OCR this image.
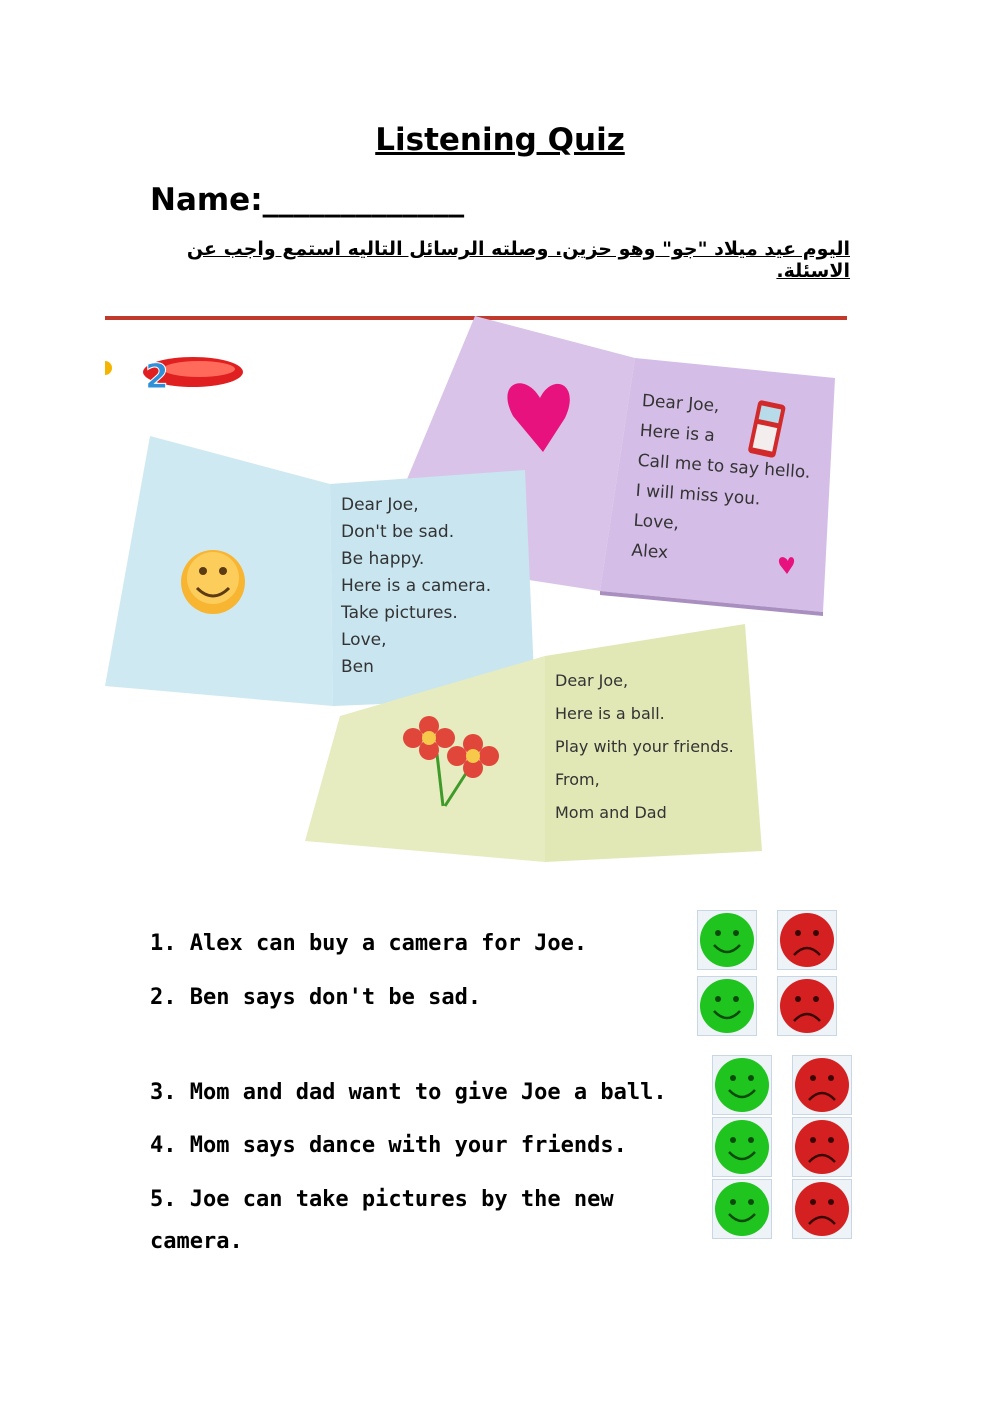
Listening Quiz
Name:_____________
اليوم عيد ميلاد "جو" وهو حزين. وصلته الرسائل التاليه استمع واجب عن الاسئلة.
2
Dear Joe,
Here is a
Call me to say hello.
I will miss you.
Love,
Alex
Dear Joe,
Don't be sad.
Be happy.
Here is a camera.
Take pictures.
Love,
Ben
Dear Joe,
Here is a ball.
Play with your friends.
From,
Mom and Dad
1. Alex can buy a camera for Joe.
2. Ben says don't be sad.
3. Mom and dad want to give Joe a ball.
4. Mom says dance with your friends.
5. Joe can take pictures by the new camera.
